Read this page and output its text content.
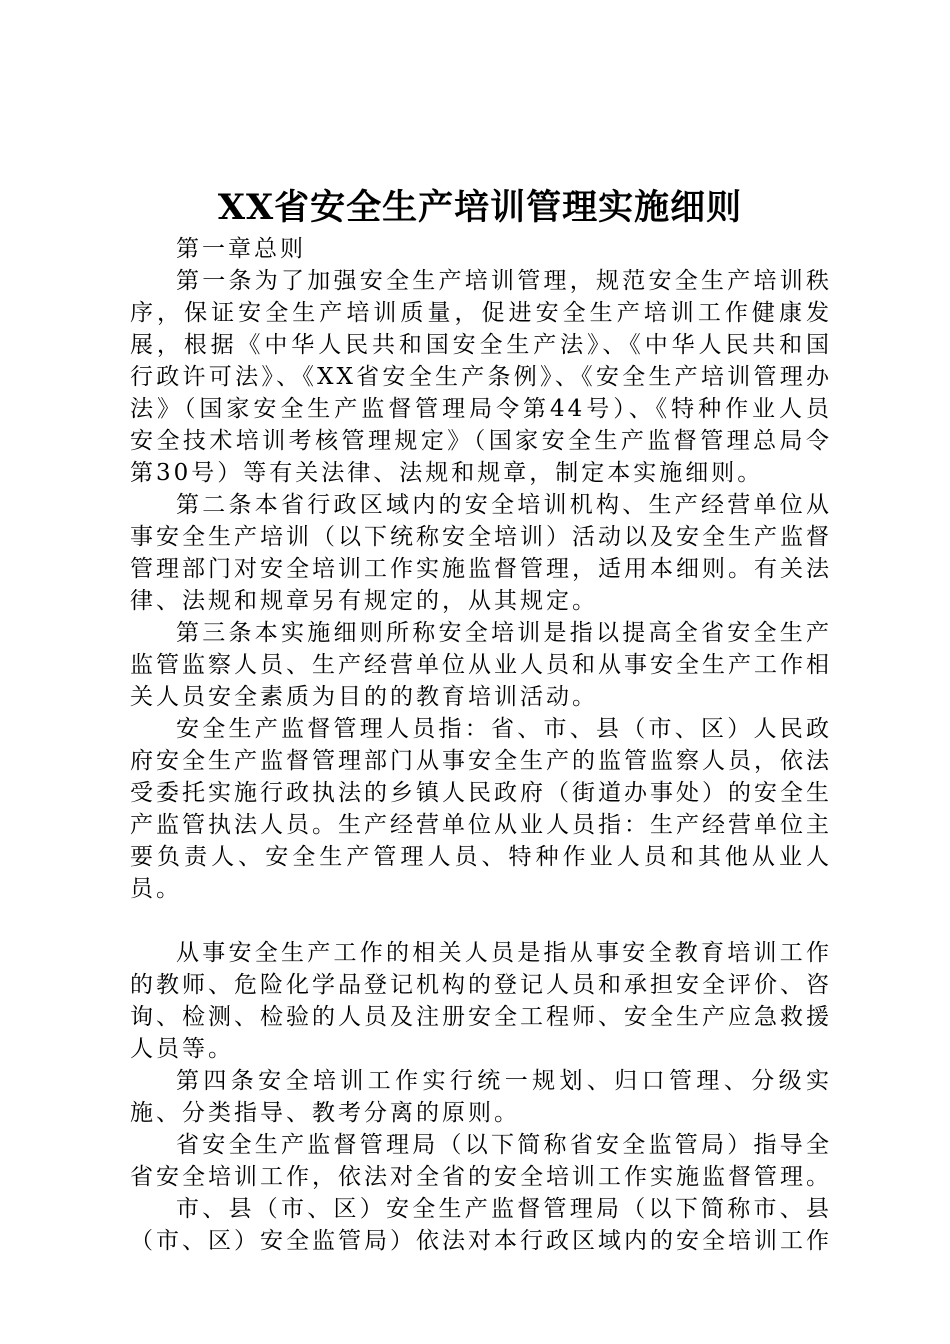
XX省安全生产培训管理实施细则

第一章总则

第一条为了加强安全生产培训管理，规范安全生产培训秩序，保证安全生产培训质量，促进安全生产培训工作健康发展，根据《中华人民共和国安全生产法》、《中华人民共和国行政许可法》、《XX省安全生产条例》、《安全生产培训管理办法》（国家安全生产监督管理局令第44号）、《特种作业人员安全技术培训考核管理规定》（国家安全生产监督管理总局令第30号）等有关法律、法规和规章，制定本实施细则。

第二条本省行政区域内的安全培训机构、生产经营单位从事安全生产培训（以下统称安全培训）活动以及安全生产监督管理部门对安全培训工作实施监督管理，适用本细则。有关法律、法规和规章另有规定的，从其规定。

第三条本实施细则所称安全培训是指以提高全省安全生产监管监察人员、生产经营单位从业人员和从事安全生产工作相关人员安全素质为目的的教育培训活动。

安全生产监督管理人员指：省、市、县（市、区）人民政府安全生产监督管理部门从事安全生产的监管监察人员，依法受委托实施行政执法的乡镇人民政府（街道办事处）的安全生产监管执法人员。生产经营单位从业人员指：生产经营单位主要负责人、安全生产管理人员、特种作业人员和其他从业人员。

从事安全生产工作的相关人员是指从事安全教育培训工作的教师、危险化学品登记机构的登记人员和承担安全评价、咨询、检测、检验的人员及注册安全工程师、安全生产应急救援人员等。

第四条安全培训工作实行统一规划、归口管理、分级实施、分类指导、教考分离的原则。

省安全生产监督管理局（以下简称省安全监管局）指导全省安全培训工作，依法对全省的安全培训工作实施监督管理。

市、县（市、区）安全生产监督管理局（以下简称市、县（市、区）安全监管局）依法对本行政区域内的安全培训工作
